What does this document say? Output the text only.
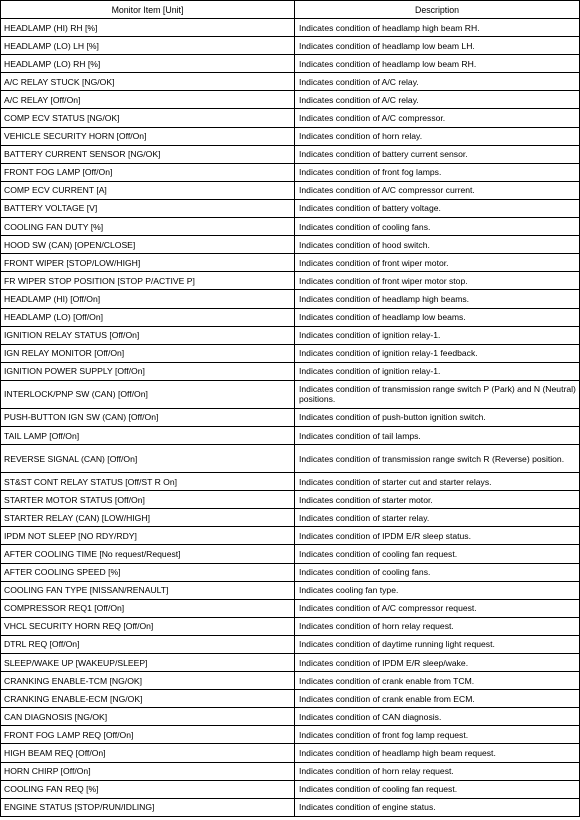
Monitor Item [Unit]	Description
HEADLAMP (HI) RH [%]	Indicates condition of headlamp high beam RH.
HEADLAMP (LO) LH [%]	Indicates condition of headlamp low beam LH.
HEADLAMP (LO) RH [%]	Indicates condition of headlamp low beam RH.
A/C RELAY STUCK [NG/OK]	Indicates condition of A/C relay.
A/C RELAY [Off/On]	Indicates condition of A/C relay.
COMP ECV STATUS [NG/OK]	Indicates condition of A/C compressor.
VEHICLE SECURITY HORN [Off/On]	Indicates condition of horn relay.
BATTERY CURRENT SENSOR [NG/OK]	Indicates condition of battery current sensor.
FRONT FOG LAMP [Off/On]	Indicates condition of front fog lamps.
COMP ECV CURRENT [A]	Indicates condition of A/C compressor current.
BATTERY VOLTAGE [V]	Indicates condition of battery voltage.
COOLING FAN DUTY [%]	Indicates condition of cooling fans.
HOOD SW (CAN) [OPEN/CLOSE]	Indicates condition of hood switch.
FRONT WIPER [STOP/LOW/HIGH]	Indicates condition of front wiper motor.
FR WIPER STOP POSITION [STOP P/ACTIVE P]	Indicates condition of front wiper motor stop.
HEADLAMP (HI) [Off/On]	Indicates condition of headlamp high beams.
HEADLAMP (LO) [Off/On]	Indicates condition of headlamp low beams.
IGNITION RELAY STATUS [Off/On]	Indicates condition of ignition relay-1.
IGN RELAY MONITOR [Off/On]	Indicates condition of ignition relay-1 feedback.
IGNITION POWER SUPPLY [Off/On]	Indicates condition of ignition relay-1.
INTERLOCK/PNP SW (CAN) [Off/On]	Indicates condition of transmission range switch P (Park) and N (Neutral) positions.
PUSH-BUTTON IGN SW (CAN) [Off/On]	Indicates condition of push-button ignition switch.
TAIL LAMP [Off/On]	Indicates condition of tail lamps.
REVERSE SIGNAL (CAN) [Off/On]	Indicates condition of transmission range switch R (Reverse) position.
ST&ST CONT RELAY STATUS [Off/ST R On]	Indicates condition of starter cut and starter relays.
STARTER MOTOR STATUS [Off/On]	Indicates condition of starter motor.
STARTER RELAY (CAN) [LOW/HIGH]	Indicates condition of starter relay.
IPDM NOT SLEEP [NO RDY/RDY]	Indicates condition of IPDM E/R sleep status.
AFTER COOLING TIME [No request/Request]	Indicates condition of cooling fan request.
AFTER COOLING SPEED [%]	Indicates condition of cooling fans.
COOLING FAN TYPE [NISSAN/RENAULT]	Indicates cooling fan type.
COMPRESSOR REQ1 [Off/On]	Indicates condition of A/C compressor request.
VHCL SECURITY HORN REQ [Off/On]	Indicates condition of horn relay request.
DTRL REQ [Off/On]	Indicates condition of daytime running light request.
SLEEP/WAKE UP [WAKEUP/SLEEP]	Indicates condition of IPDM E/R sleep/wake.
CRANKING ENABLE-TCM [NG/OK]	Indicates condition of crank enable from TCM.
CRANKING ENABLE-ECM [NG/OK]	Indicates condition of crank enable from ECM.
CAN DIAGNOSIS [NG/OK]	Indicates condition of CAN diagnosis.
FRONT FOG LAMP REQ [Off/On]	Indicates condition of front fog lamp request.
HIGH BEAM REQ [Off/On]	Indicates condition of headlamp high beam request.
HORN CHIRP [Off/On]	Indicates condition of horn relay request.
COOLING FAN REQ [%]	Indicates condition of cooling fan request.
ENGINE STATUS [STOP/RUN/IDLING]	Indicates condition of engine status.
